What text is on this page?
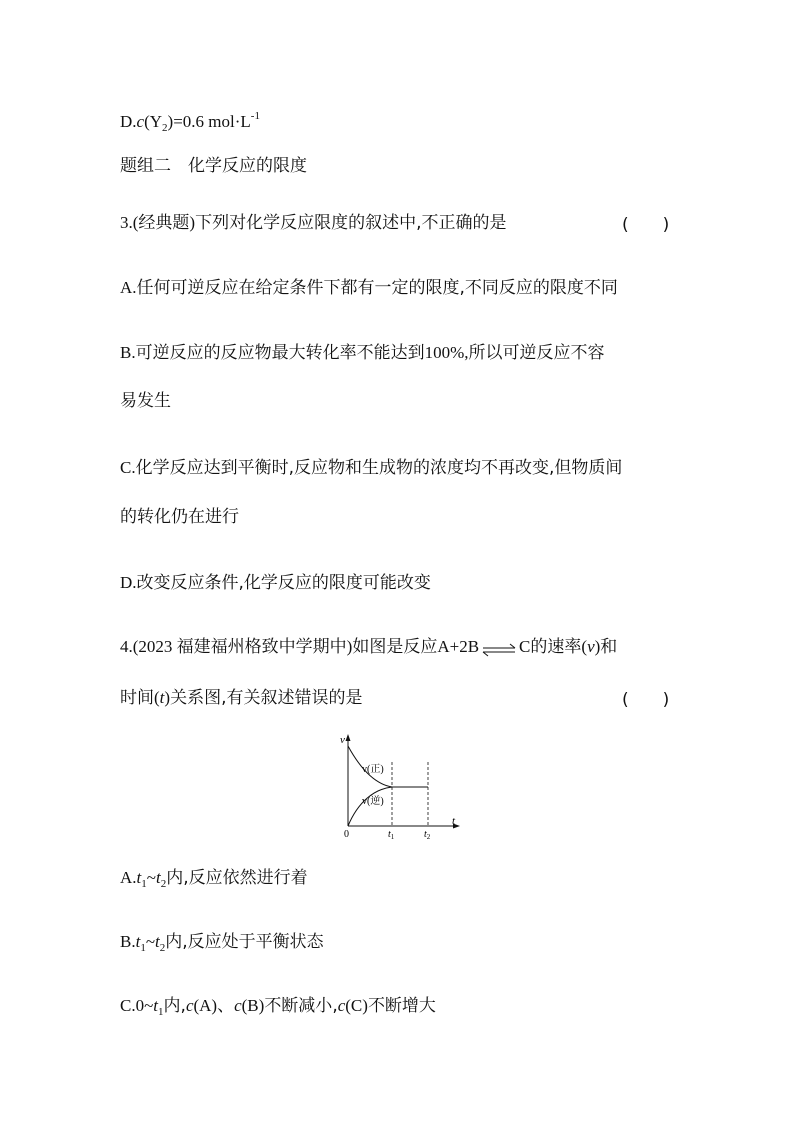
$D.c(Y_2)=0.6$ $mol\cdot L^{-1}$
题组二　化学反应的限度
3.(经典题)下列对化学反应限度的叙述中,不正确的是	(　　)
A.任何可逆反应在给定条件下都有一定的限度,不同反应的限度不同
B.可逆反应的反应物最大转化率不能达到100%,所以可逆反应不容
易发生
C.化学反应达到平衡时,反应物和生成物的浓度均不再改变,但物质间
的转化仍在进行
D.改变反应条件,化学反应的限度可能改变
4.(2023 福建福州格致中学期中)如图是反应A+2B ⇌ C的速率(v)和
时间(t)关系图,有关叙述错误的是	(　　)
v
t
0
v(正)
v(逆)
$t_1$	$t_2$
$A.t_1\sim t_2$内,反应依然进行着
$B.t_1\sim t_2$内,反应处于平衡状态
$C.0\sim t_1$内,c(A)、c(B)不断减小,c(C)不断增大
